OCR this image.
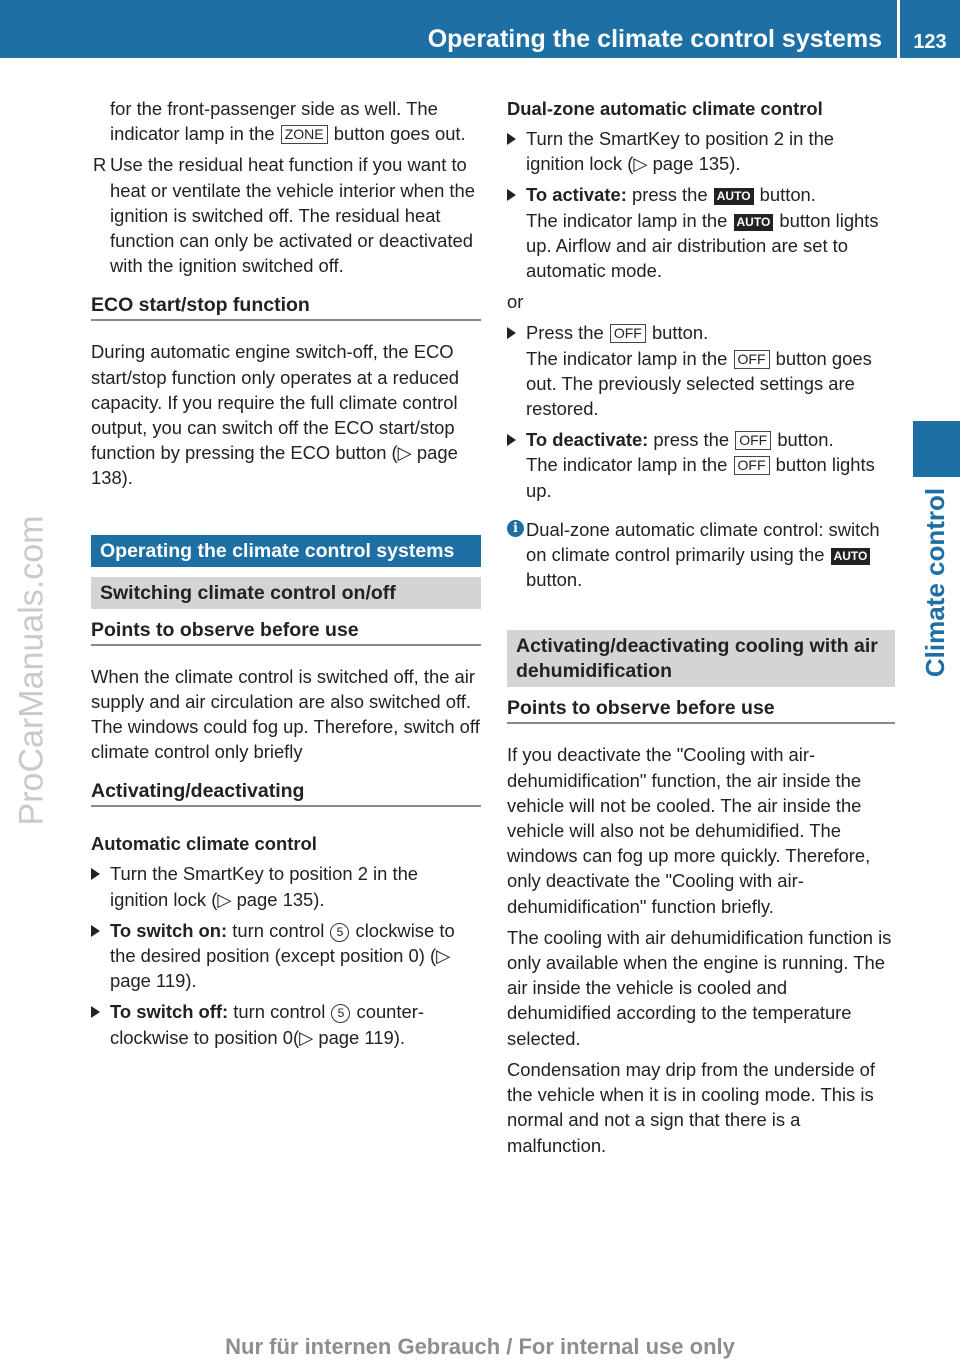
Operating the climate control systems	123
Climate control
ProCarManuals.com

for the front-passenger side as well. The indicator lamp in the ZONE button goes out.

R Use the residual heat function if you want to heat or ventilate the vehicle interior when the ignition is switched off. The residual heat function can only be activated or deactivated with the ignition switched off.

ECO start/stop function

During automatic engine switch-off, the ECO start/stop function only operates at a reduced capacity. If you require the full climate control output, you can switch off the ECO start/stop function by pressing the ECO button (▷ page 138).

Operating the climate control systems
Switching climate control on/off
Points to observe before use

When the climate control is switched off, the air supply and air circulation are also switched off. The windows could fog up. Therefore, switch off climate control only briefly

Activating/deactivating
Automatic climate control

Turn the SmartKey to position 2 in the ignition lock (▷ page 135).

To switch on: turn control 5 clockwise to the desired position (except position 0) (▷ page 119).

To switch off: turn control 5 counter-clockwise to position 0(▷ page 119).

Dual-zone automatic climate control

Turn the SmartKey to position 2 in the ignition lock (▷ page 135).

To activate: press the AUTO button.

The indicator lamp in the AUTO button lights up. Airflow and air distribution are set to automatic mode.

or

Press the OFF button.

The indicator lamp in the OFF button goes out. The previously selected settings are restored.

To deactivate: press the OFF button.

The indicator lamp in the OFF button lights up.

i Dual-zone automatic climate control: switch on climate control primarily using the AUTO button.

Activating/deactivating cooling with air dehumidification
Points to observe before use

If you deactivate the "Cooling with air-dehumidification" function, the air inside the vehicle will not be cooled. The air inside the vehicle will also not be dehumidified. The windows can fog up more quickly. Therefore, only deactivate the "Cooling with air-dehumidification" function briefly.

The cooling with air dehumidification function is only available when the engine is running. The air inside the vehicle is cooled and dehumidified according to the temperature selected.

Condensation may drip from the underside of the vehicle when it is in cooling mode. This is normal and not a sign that there is a malfunction.

Nur für internen Gebrauch / For internal use only
